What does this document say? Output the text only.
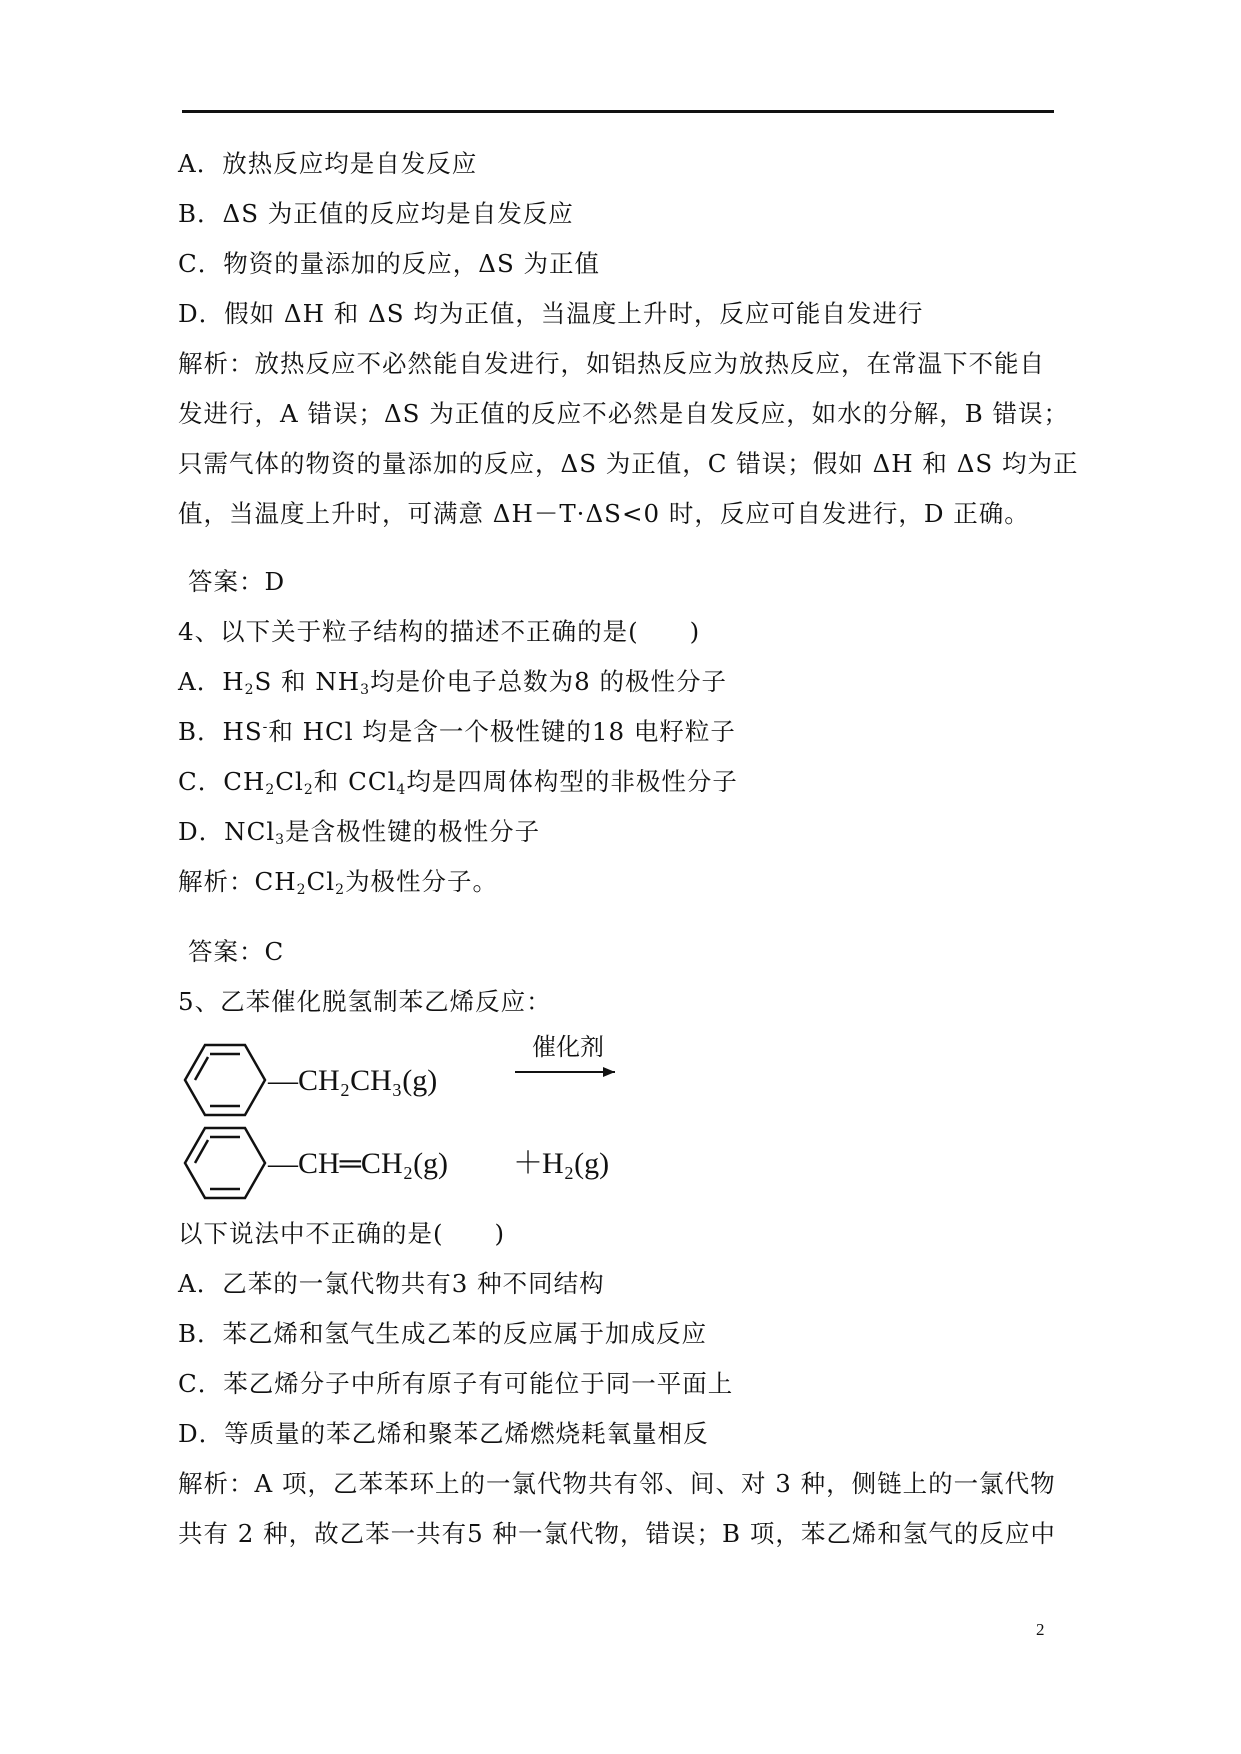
A．放热反应均是自发反应
B．ΔS 为正值的反应均是自发反应
C．物资的量添加的反应，ΔS 为正值
D．假如 ΔH 和 ΔS 均为正值，当温度上升时，反应可能自发进行
解析：放热反应不必然能自发进行，如铝热反应为放热反应，在常温下不能自
发进行，A 错误；ΔS 为正值的反应不必然是自发反应，如水的分解，B 错误；
只需气体的物资的量添加的反应，ΔS 为正值，C 错误；假如 ΔH 和 ΔS 均为正
值，当温度上升时，可满意 ΔH－T·ΔS<0 时，反应可自发进行，D 正确。
答案：D
4、以下关于粒子结构的描述不正确的是(　　)
A．$H_2S$ 和 $NH_3$均是价电子总数为8 的极性分子
B．HS-和 HCl 均是含一个极性键的18 电籽粒子
C．$CH_2Cl_2$和 CCl$_4$均是四周体构型的非极性分子
D．NCl$_3$是含极性键的极性分子
解析：$CH_2Cl_2$为极性分子。
答案：C
5、乙苯催化脱氢制苯乙烯反应：
—CH₂CH₃(g)
催化剂
—CH═CH₂(g) ＋ H₂(g)
以下说法中不正确的是(　　)
A．乙苯的一氯代物共有3 种不同结构
B．苯乙烯和氢气生成乙苯的反应属于加成反应
C．苯乙烯分子中所有原子有可能位于同一平面上
D．等质量的苯乙烯和聚苯乙烯燃烧耗氧量相反
解析：A 项，乙苯苯环上的一氯代物共有邻、间、对 3 种，侧链上的一氯代物
共有 2 种，故乙苯一共有5 种一氯代物，错误；B 项，苯乙烯和氢气的反应中
2
